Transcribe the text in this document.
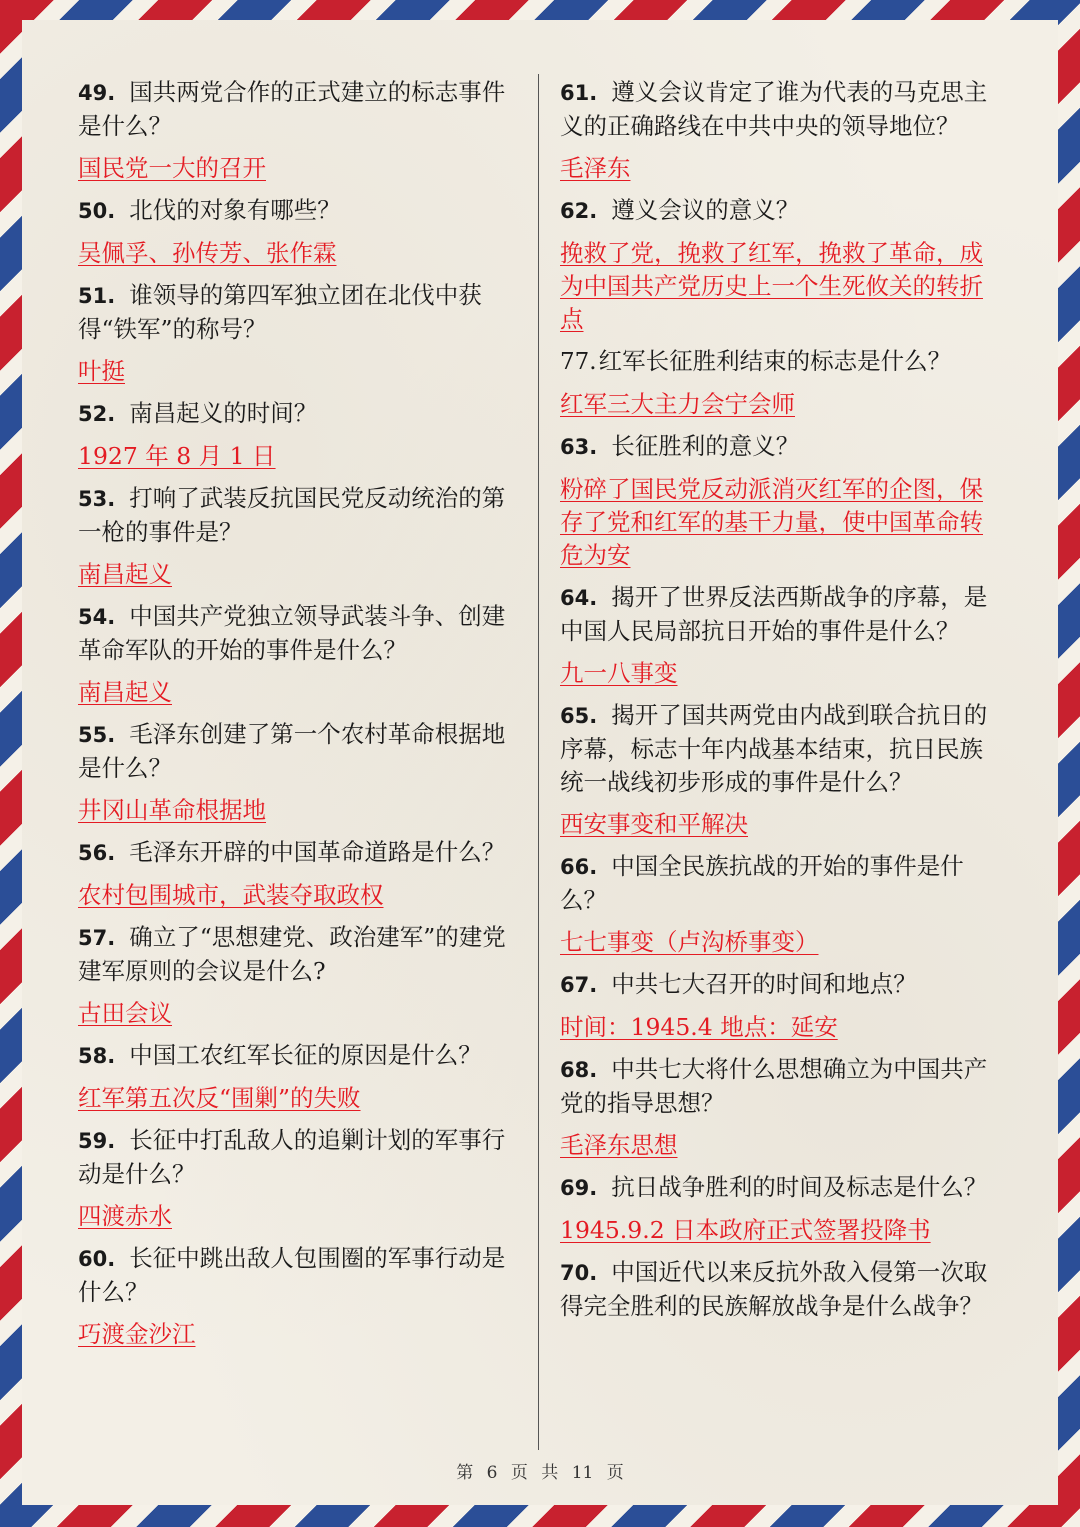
49. 国共两党合作的正式建立的标志事件是什么？

国民党一大的召开

50. 北伐的对象有哪些？

吴佩孚、孙传芳、张作霖

51. 谁领导的第四军独立团在北伐中获得“铁军”的称号？

叶挺

52. 南昌起义的时间？

1927 年 8 月 1 日

53. 打响了武装反抗国民党反动统治的第一枪的事件是？

南昌起义

54. 中国共产党独立领导武装斗争、创建革命军队的开始的事件是什么？

南昌起义

55. 毛泽东创建了第一个农村革命根据地是什么？

井冈山革命根据地

56. 毛泽东开辟的中国革命道路是什么？

农村包围城市，武装夺取政权

57. 确立了“思想建党、政治建军”的建党建军原则的会议是什么?

古田会议

58. 中国工农红军长征的原因是什么？

红军第五次反“围剿”的失败

59. 长征中打乱敌人的追剿计划的军事行动是什么？

四渡赤水

60. 长征中跳出敌人包围圈的军事行动是什么？

巧渡金沙江

61. 遵义会议肯定了谁为代表的马克思主义的正确路线在中共中央的领导地位？

毛泽东

62. 遵义会议的意义？

挽救了党，挽救了红军，挽救了革命，成为中国共产党历史上一个生死攸关的转折点

77.红军长征胜利结束的标志是什么？

红军三大主力会宁会师

63. 长征胜利的意义？

粉碎了国民党反动派消灭红军的企图，保存了党和红军的基干力量，使中国革命转危为安

64. 揭开了世界反法西斯战争的序幕，是中国人民局部抗日开始的事件是什么？

九一八事变

65. 揭开了国共两党由内战到联合抗日的序幕，标志十年内战基本结束，抗日民族统一战线初步形成的事件是什么？

西安事变和平解决

66. 中国全民族抗战的开始的事件是什么？

七七事变（卢沟桥事变）

67. 中共七大召开的时间和地点？

时间：1945.4 地点：延安

68. 中共七大将什么思想确立为中国共产党的指导思想？

毛泽东思想

69. 抗日战争胜利的时间及标志是什么？

1945.9.2 日本政府正式签署投降书

70. 中国近代以来反抗外敌入侵第一次取得完全胜利的民族解放战争是什么战争？

第 6 页 共 11 页
